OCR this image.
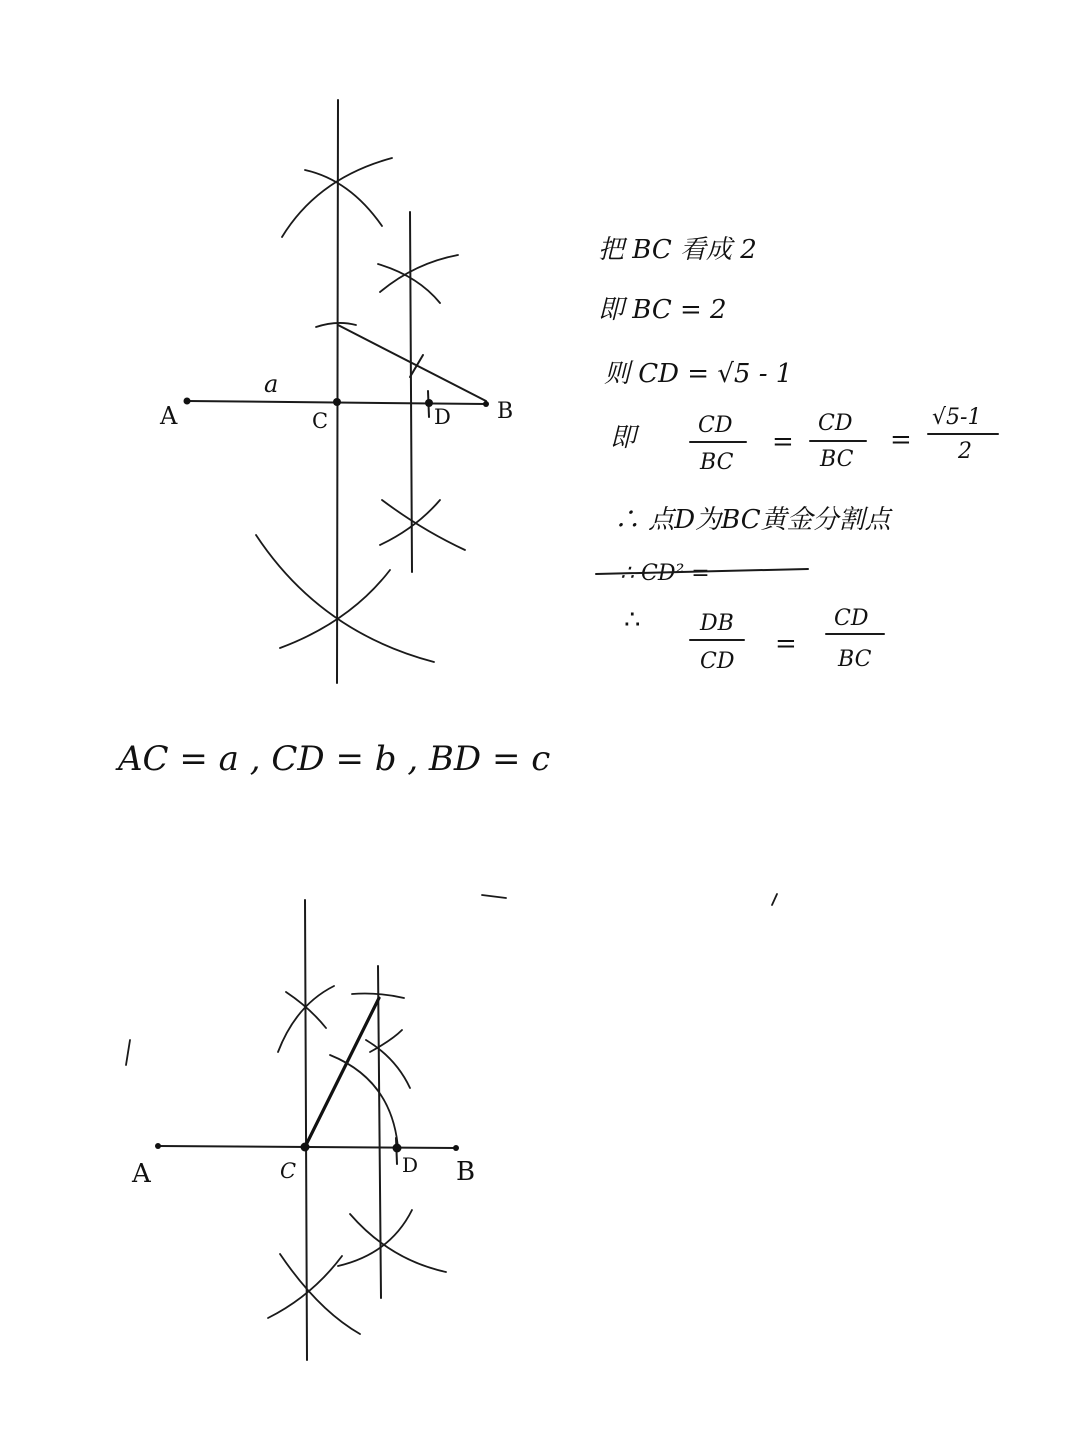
A
a
C	D B
把 BC 看成 2
即 BC = 2
则 CD = √5 - 1
即	CD
BC
=
CD
BC
=
√5-1
2
∴ 点D为BC黄金分割点
∴ CD² =
∴	DB
CD
=
CD
BC
AC = a , CD = b , BD = c
A	C	D B
